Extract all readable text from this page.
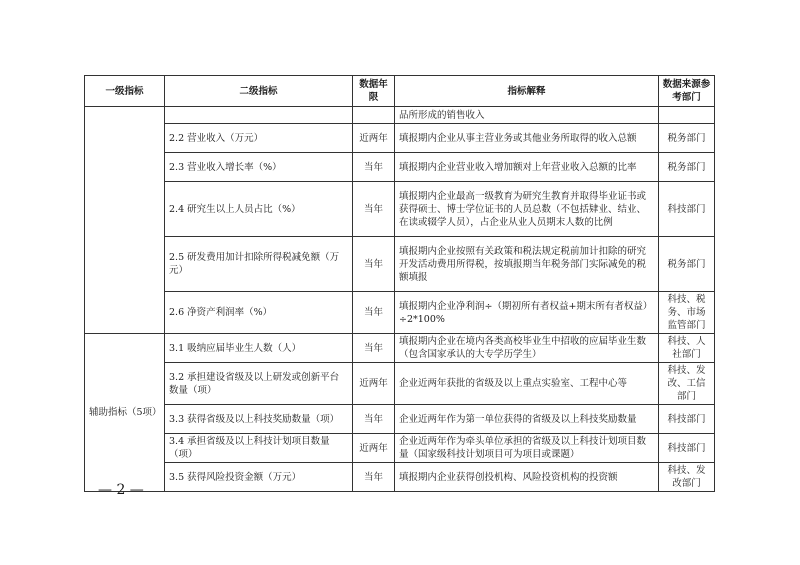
一级指标	二级指标	数据年限	指标解释	数据来源参考部门
			品所形成的销售收入	
	2.2 营业收入（万元）	近两年	填报期内企业从事主营业务或其他业务所取得的收入总额	税务部门
	2.3 营业收入增长率（%）	当年	填报期内企业营业收入增加额对上年营业收入总额的比率	税务部门
	2.4 研究生以上人员占比（%）	当年	填报期内企业最高一级教育为研究生教育并取得毕业证书或获得硕士、博士学位证书的人员总数（不包括肄业、结业、在读或辍学人员），占企业从业人员期末人数的比例	科技部门
	2.5 研发费用加计扣除所得税减免额（万元）	当年	填报期内企业按照有关政策和税法规定税前加计扣除的研究开发活动费用所得税，按填报期当年税务部门实际减免的税额填报	税务部门
	2.6 净资产利润率（%）	当年	填报期内企业净利润÷（期初所有者权益+期末所有者权益）÷2*100%	科技、税务、市场监管部门
辅助指标（5项）	3.1 吸纳应届毕业生人数（人）	当年	填报期内企业在境内各类高校毕业生中招收的应届毕业生数（包含国家承认的大专学历学生）	科技、人社部门
	3.2 承担建设省级及以上研发或创新平台数量（项）	近两年	企业近两年获批的省级及以上重点实验室、工程中心等	科技、发改、工信部门
	3.3 获得省级及以上科技奖励数量（项）	当年	企业近两年作为第一单位获得的省级及以上科技奖励数量	科技部门
	3.4 承担省级及以上科技计划项目数量（项）	近两年	企业近两年作为牵头单位承担的省级及以上科技计划项目数量（国家级科技计划项目可为项目或课题）	科技部门
	3.5 获得风险投资金额（万元）	当年	填报期内企业获得创投机构、风险投资机构的投资额	科技、发改部门
— 2 —
